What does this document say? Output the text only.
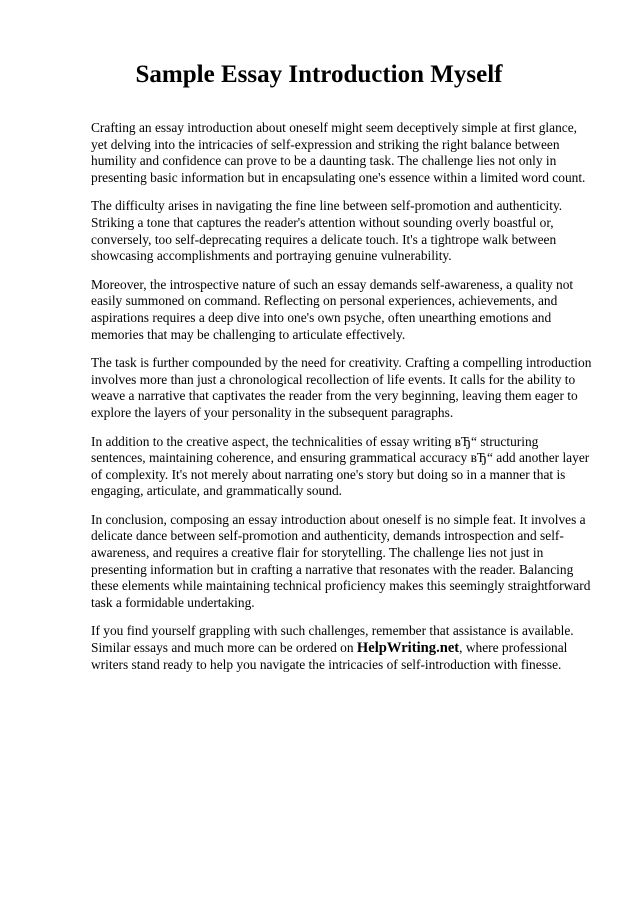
Sample Essay Introduction Myself

Crafting an essay introduction about oneself might seem deceptively simple at first glance, yet delving into the intricacies of self-expression and striking the right balance between humility and confidence can prove to be a daunting task. The challenge lies not only in presenting basic information but in encapsulating one's essence within a limited word count.

The difficulty arises in navigating the fine line between self-promotion and authenticity. Striking a tone that captures the reader's attention without sounding overly boastful or, conversely, too self-deprecating requires a delicate touch. It's a tightrope walk between showcasing accomplishments and portraying genuine vulnerability.

Moreover, the introspective nature of such an essay demands self-awareness, a quality not easily summoned on command. Reflecting on personal experiences, achievements, and aspirations requires a deep dive into one's own psyche, often unearthing emotions and memories that may be challenging to articulate effectively.

The task is further compounded by the need for creativity. Crafting a compelling introduction involves more than just a chronological recollection of life events. It calls for the ability to weave a narrative that captivates the reader from the very beginning, leaving them eager to explore the layers of your personality in the subsequent paragraphs.

In addition to the creative aspect, the technicalities of essay writing вЂ“ structuring sentences, maintaining coherence, and ensuring grammatical accuracy вЂ“ add another layer of complexity. It's not merely about narrating one's story but doing so in a manner that is engaging, articulate, and grammatically sound.

In conclusion, composing an essay introduction about oneself is no simple feat. It involves a delicate dance between self-promotion and authenticity, demands introspection and self-awareness, and requires a creative flair for storytelling. The challenge lies not just in presenting information but in crafting a narrative that resonates with the reader. Balancing these elements while maintaining technical proficiency makes this seemingly straightforward task a formidable undertaking.

If you find yourself grappling with such challenges, remember that assistance is available. Similar essays and much more can be ordered on HelpWriting.net, where professional writers stand ready to help you navigate the intricacies of self-introduction with finesse.
